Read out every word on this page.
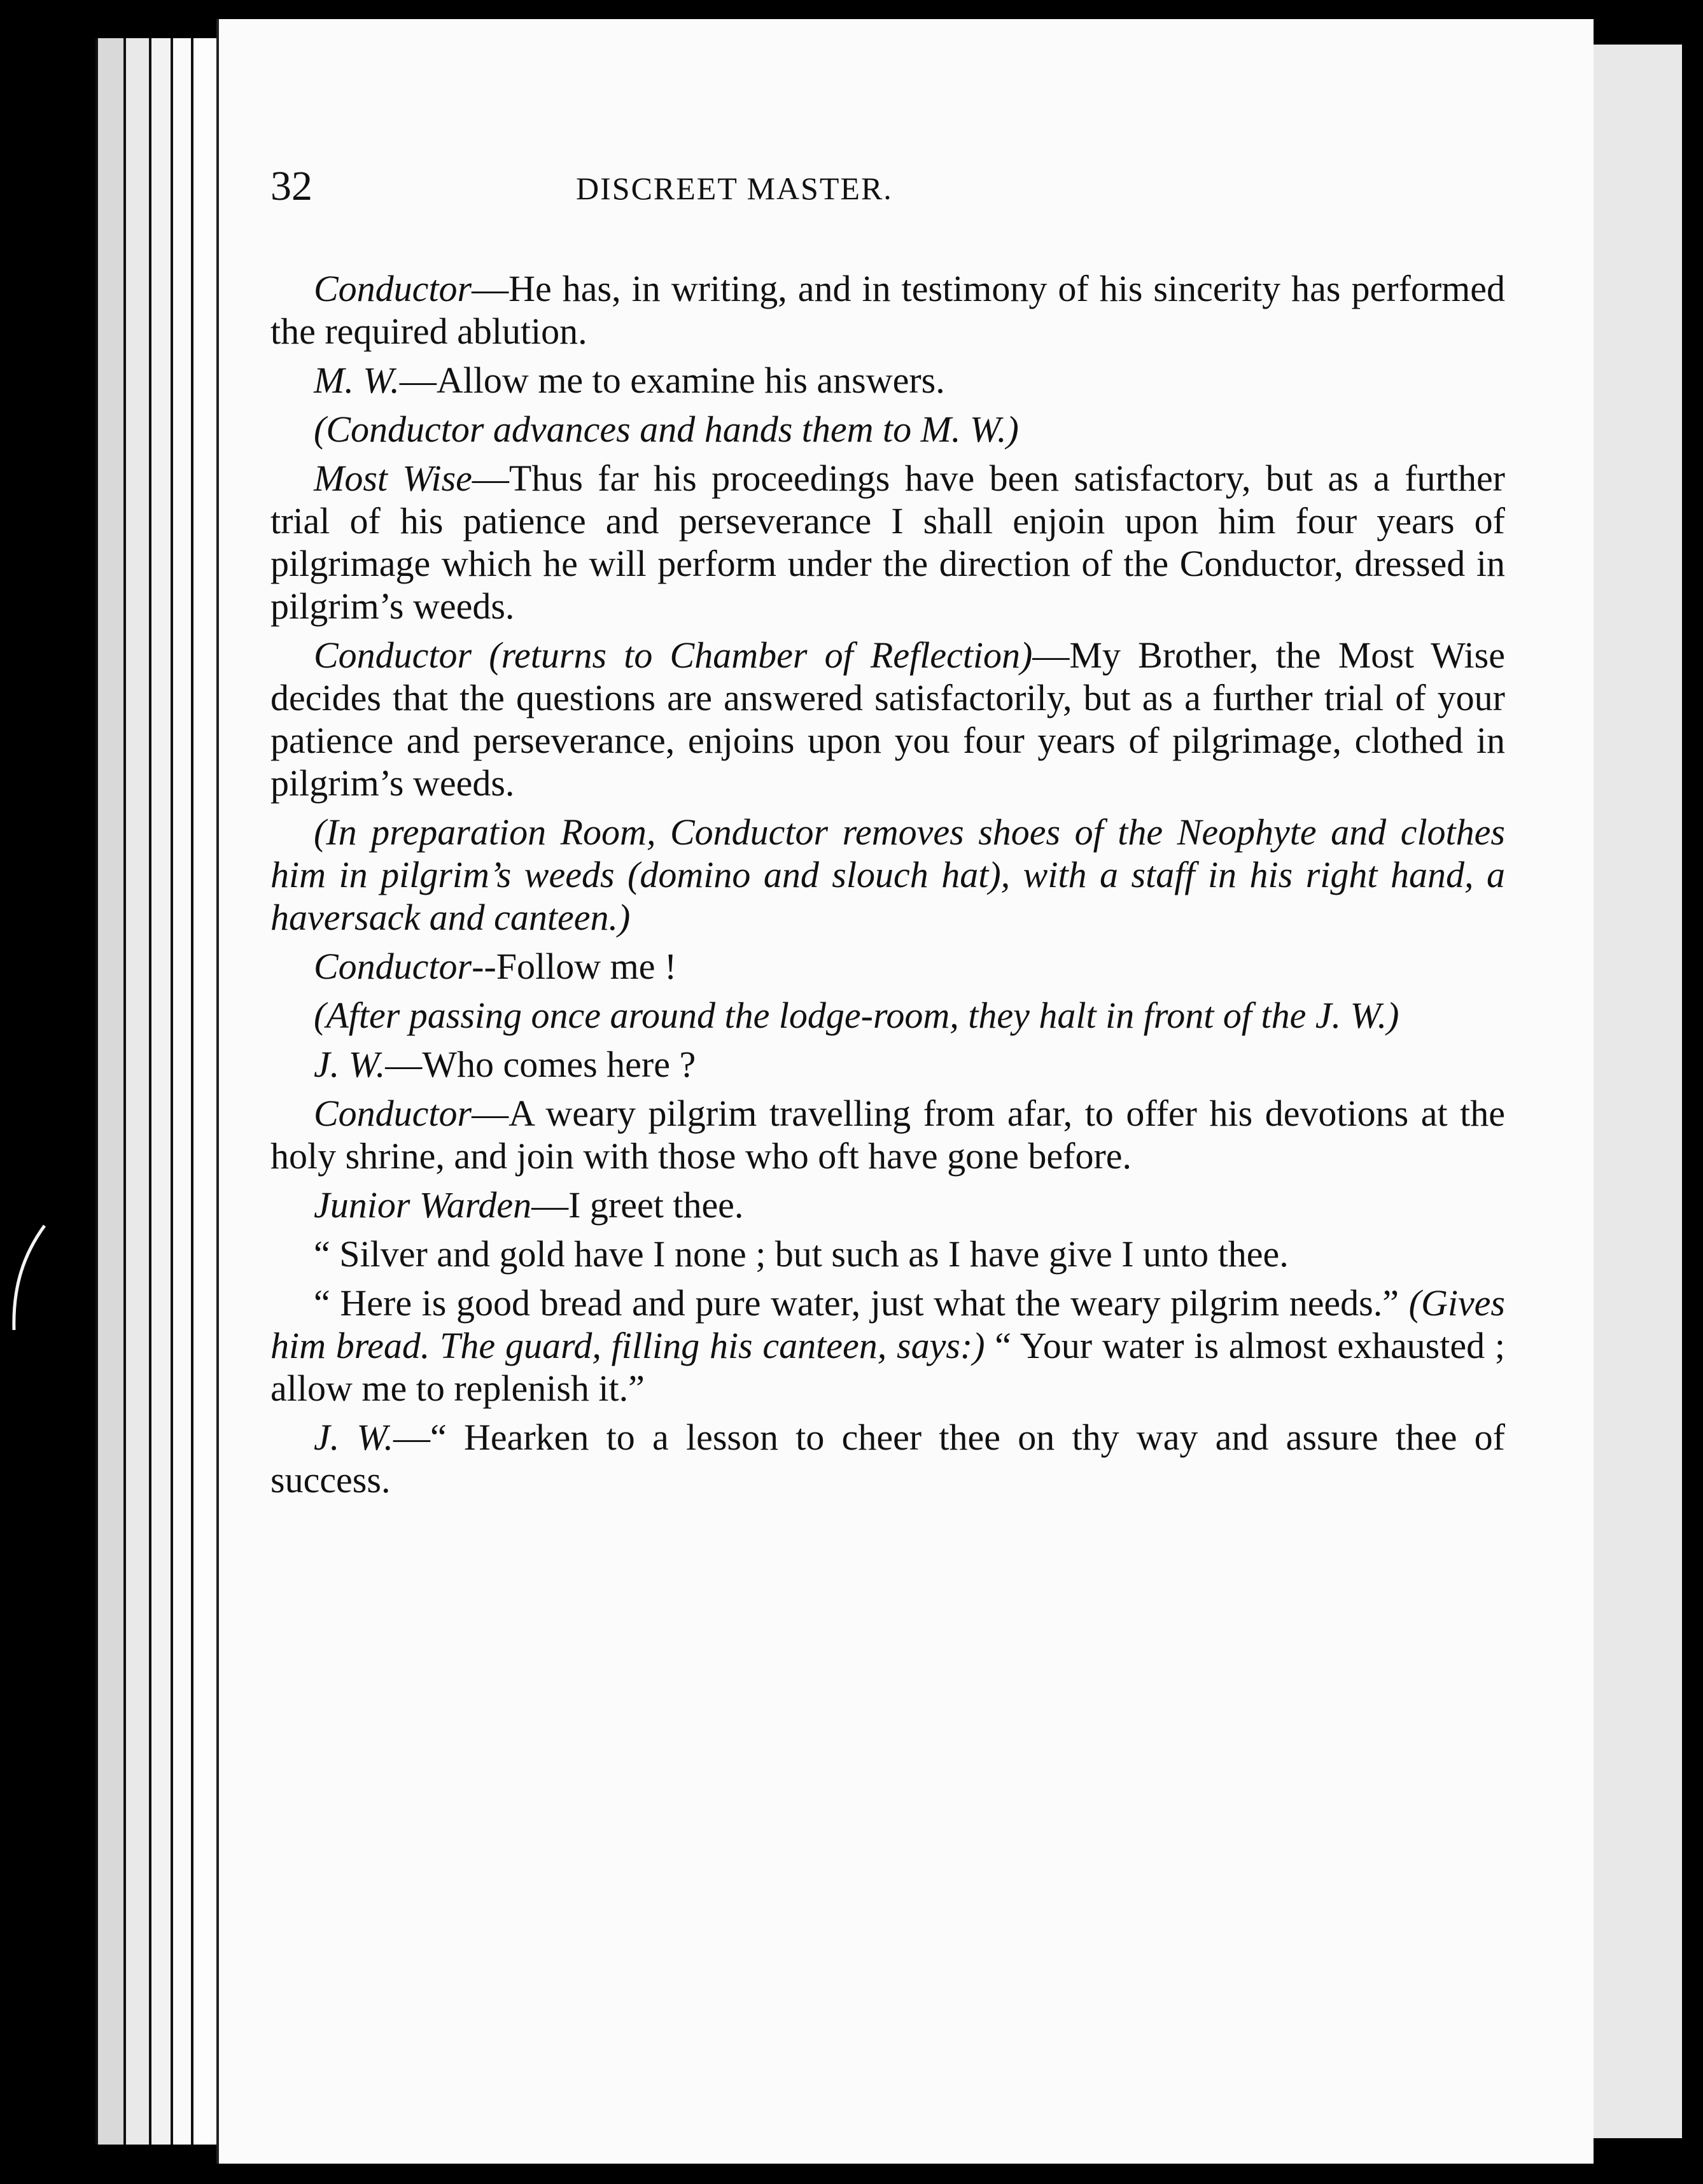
32	DISCREET MASTER.

Conductor—He has, in writing, and in testimony of his sincerity has performed the required ablution.

M. W.—Allow me to examine his answers.

(Conductor advances and hands them to M. W.)

Most Wise—Thus far his proceedings have been satisfactory, but as a further trial of his patience and perseverance I shall enjoin upon him four years of pilgrimage which he will perform under the direction of the Conductor, dressed in pilgrim’s weeds.

Conductor (returns to Chamber of Reflection)—My Brother, the Most Wise decides that the questions are answered satisfactorily, but as a further trial of your patience and perseverance, enjoins upon you four years of pilgrimage, clothed in pilgrim’s weeds.

(In preparation Room, Conductor removes shoes of the Neophyte and clothes him in pilgrim’s weeds (domino and slouch hat), with a staff in his right hand, a haversack and canteen.)

Conductor--Follow me !

(After passing once around the lodge-room, they halt in front of the J. W.)

J. W.—Who comes here ?

Conductor—A weary pilgrim travelling from afar, to offer his devotions at the holy shrine, and join with those who oft have gone before.

Junior Warden—I greet thee.

“ Silver and gold have I none ; but such as I have give I unto thee.

“ Here is good bread and pure water, just what the weary pilgrim needs.” (Gives him bread. The guard, filling his canteen, says:) “ Your water is almost exhausted ; allow me to replenish it.”

J. W.—“ Hearken to a lesson to cheer thee on thy way and assure thee of success.
